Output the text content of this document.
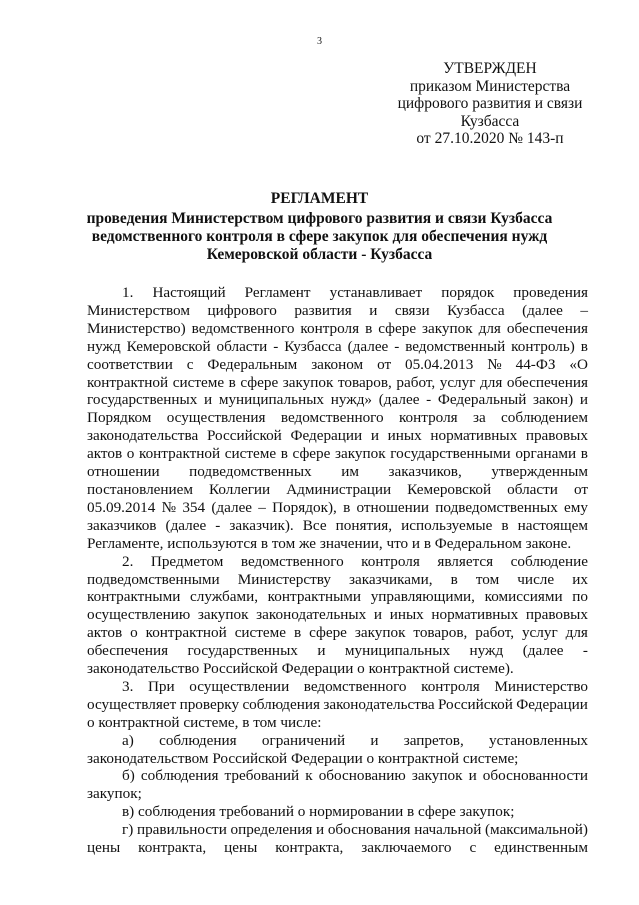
3
УТВЕРЖДЕН
приказом Министерства
цифрового развития и связи
Кузбасса
от 27.10.2020 № 143-п
РЕГЛАМЕНТ
проведения Министерством цифрового развития и связи Кузбасса
ведомственного контроля в сфере закупок для обеспечения нужд
Кемеровской области - Кузбасса
1. Настоящий Регламент устанавливает порядок проведения
Министерством цифрового развития и связи Кузбасса (далее –
Министерство) ведомственного контроля в сфере закупок для обеспечения
нужд Кемеровской области - Кузбасса (далее - ведомственный контроль) в
соответствии с Федеральным законом от 05.04.2013 № 44-ФЗ «О
контрактной системе в сфере закупок товаров, работ, услуг для обеспечения
государственных и муниципальных нужд» (далее - Федеральный закон) и
Порядком осуществления ведомственного контроля за соблюдением
законодательства Российской Федерации и иных нормативных правовых
актов о контрактной системе в сфере закупок государственными органами в
отношении подведомственных им заказчиков, утвержденным
постановлением Коллегии Администрации Кемеровской области от
05.09.2014 № 354 (далее – Порядок), в отношении подведомственных ему
заказчиков (далее - заказчик). Все понятия, используемые в настоящем
Регламенте, используются в том же значении, что и в Федеральном законе.
2. Предметом ведомственного контроля является соблюдение
подведомственными Министерству заказчиками, в том числе их
контрактными службами, контрактными управляющими, комиссиями по
осуществлению закупок законодательных и иных нормативных правовых
актов о контрактной системе в сфере закупок товаров, работ, услуг для
обеспечения государственных и муниципальных нужд (далее -
законодательство Российской Федерации о контрактной системе).
3. При осуществлении ведомственного контроля Министерство
осуществляет проверку соблюдения законодательства Российской Федерации
о контрактной системе, в том числе:
а) соблюдения ограничений и запретов, установленных
законодательством Российской Федерации о контрактной системе;
б) соблюдения требований к обоснованию закупок и обоснованности
закупок;
в) соблюдения требований о нормировании в сфере закупок;
г) правильности определения и обоснования начальной (максимальной)
цены контракта, цены контракта, заключаемого с единственным
